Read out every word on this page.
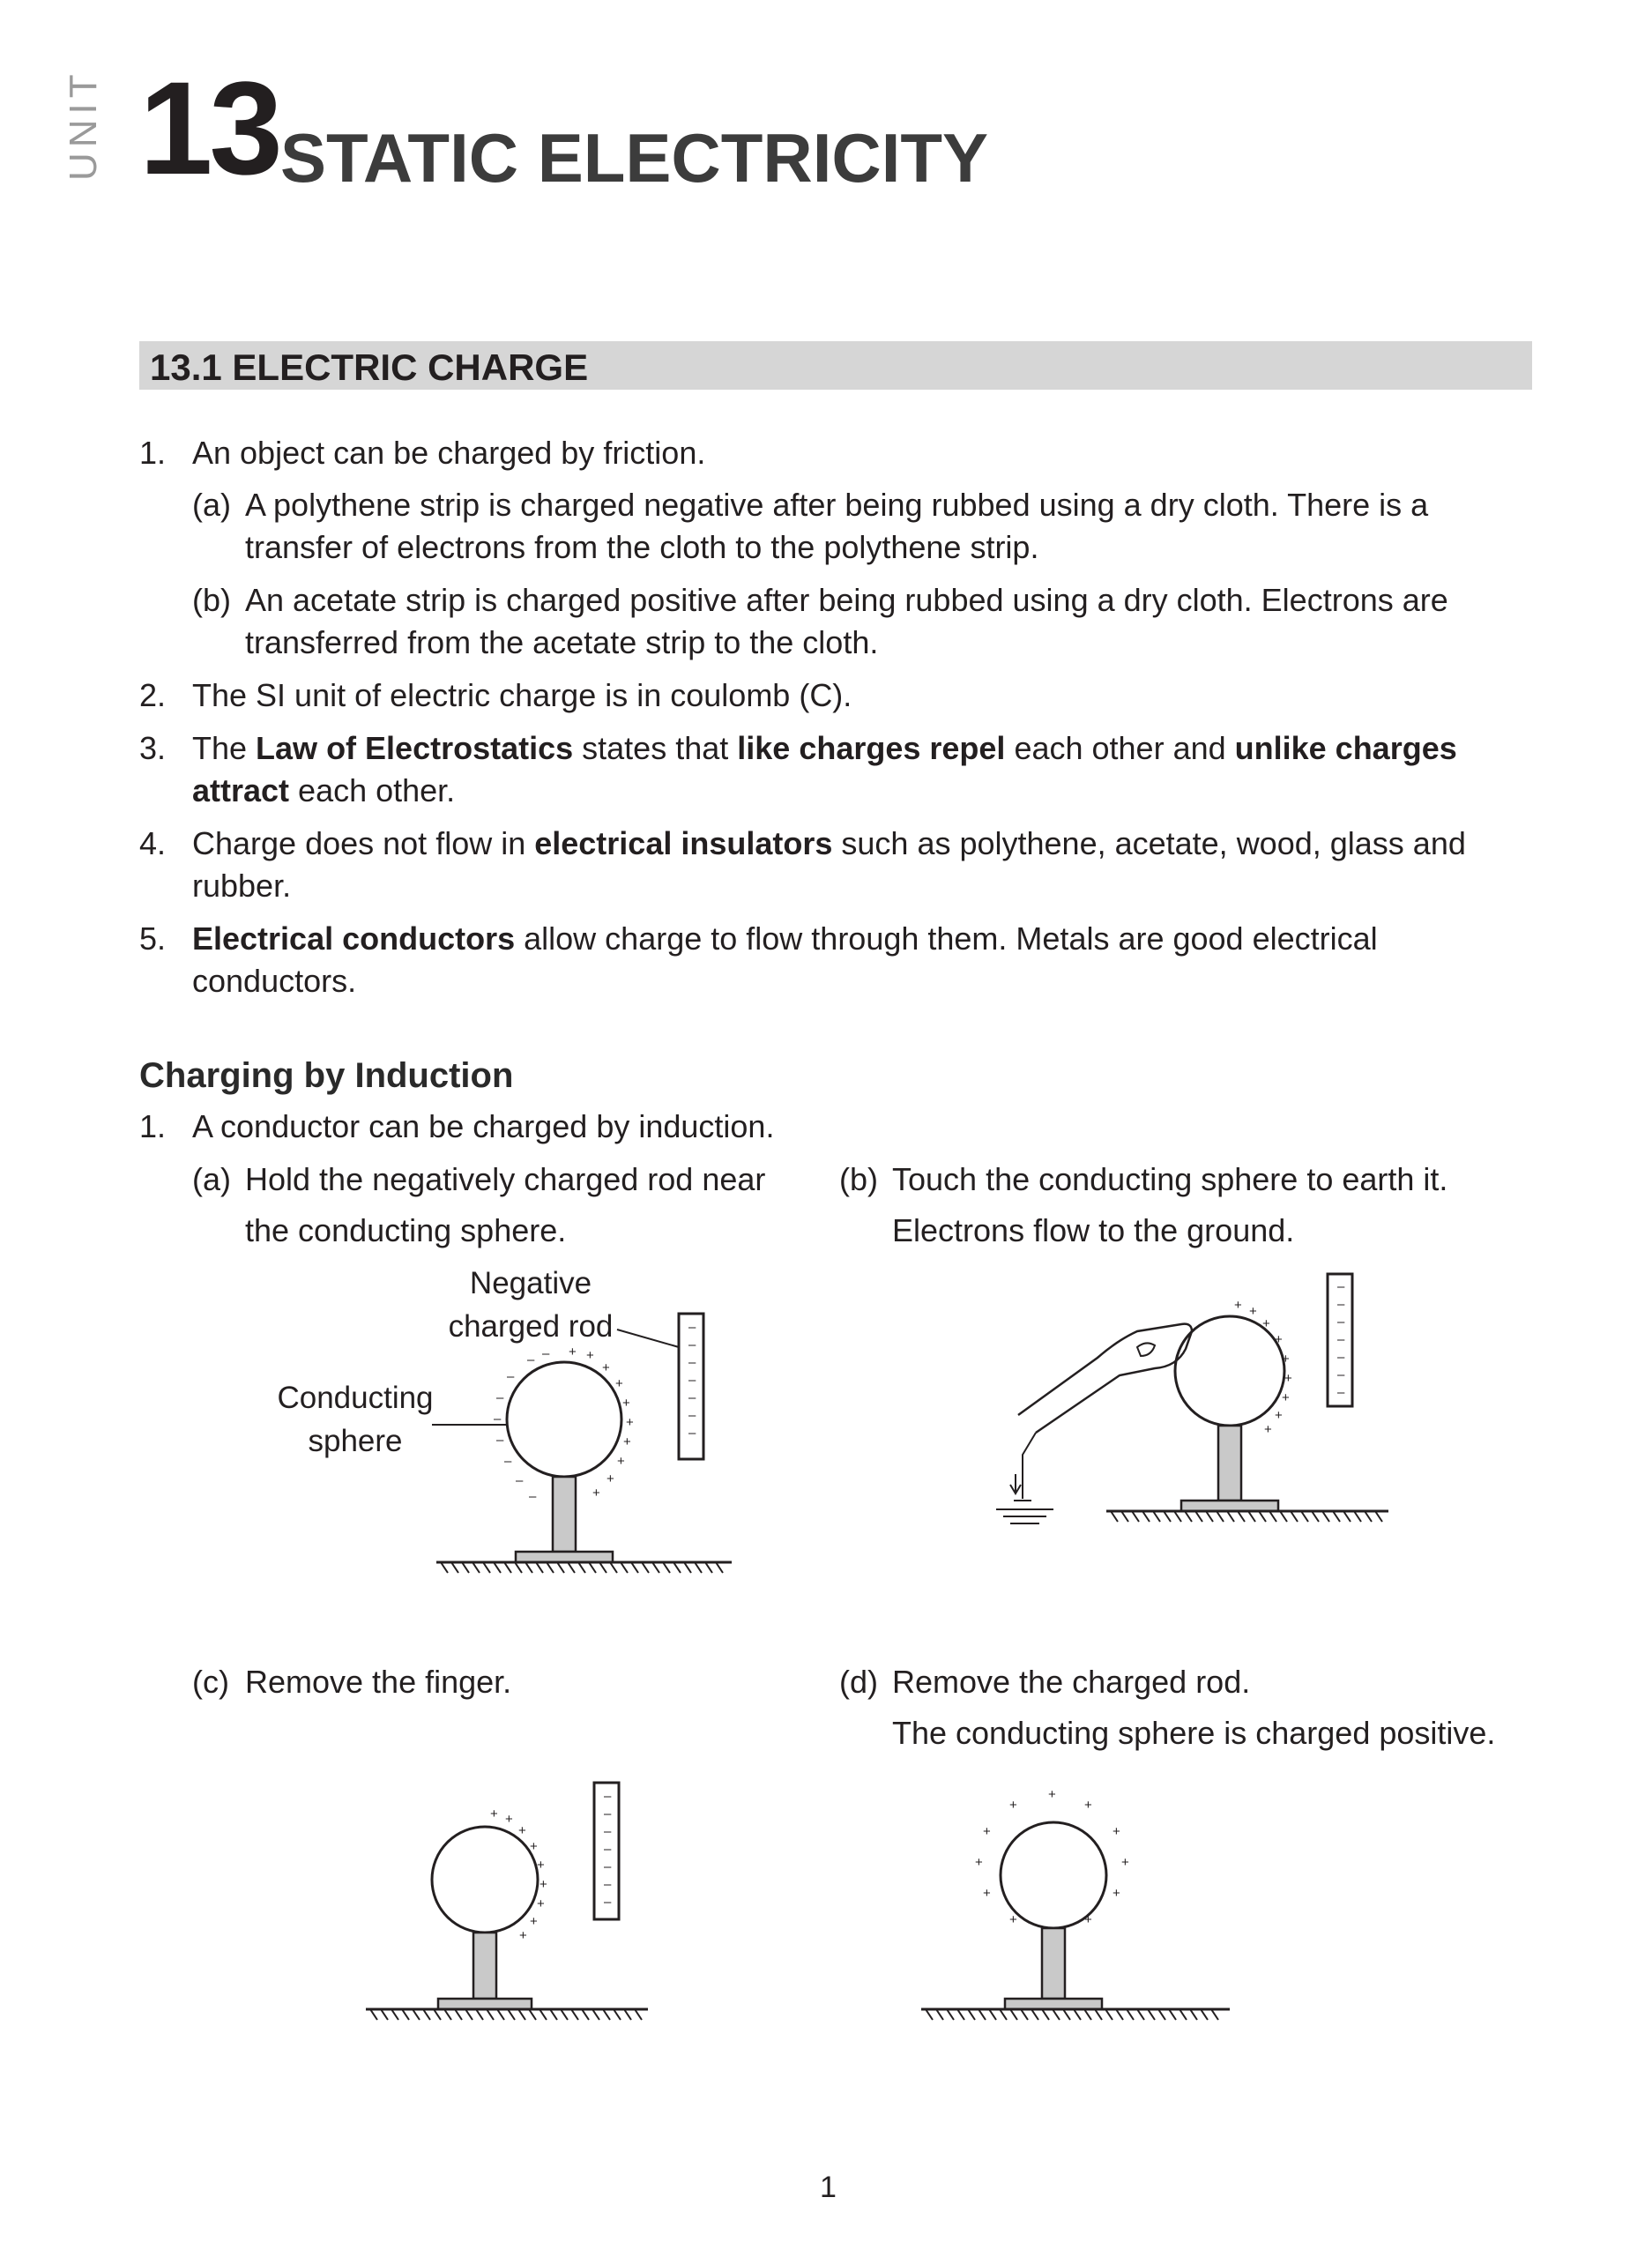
UNIT 13 STATIC ELECTRICITY
13.1 ELECTRIC CHARGE
1. An object can be charged by friction.
(a) A polythene strip is charged negative after being rubbed using a dry cloth. There is a
transfer of electrons from the cloth to the polythene strip.
(b) An acetate strip is charged positive after being rubbed using a dry cloth. Electrons are
transferred from the acetate strip to the cloth.
2. The SI unit of electric charge is in coulomb (C).
3. The Law of Electrostatics states that like charges repel each other and unlike charges
attract each other.
4. Charge does not flow in electrical insulators such as polythene, acetate, wood, glass and
rubber.
5. Electrical conductors allow charge to flow through them. Metals are good electrical
conductors.
Charging by Induction
1. A conductor can be charged by induction.
(a) Hold the negatively charged rod near
the conducting sphere.
(b) Touch the conducting sphere to earth it.
Electrons flow to the ground.
(c) Remove the finger.	(d) Remove the charged rod.
The conducting sphere is charged positive.
Negative
charged rod
Conducting
sphere
–
–
–
–
–
–
–
– –
–
–
–
–
–
–
–
+ +
+
+
+
+
+
+
+
+
–
–
–
–
–
–
–
+ +
+
+
+
+
+
+
+
–
–
–
–
–
–
–
+ +
+
+
+
+
+
+
+
+
+
+
+
+
+
+
+
+
+
+
1
